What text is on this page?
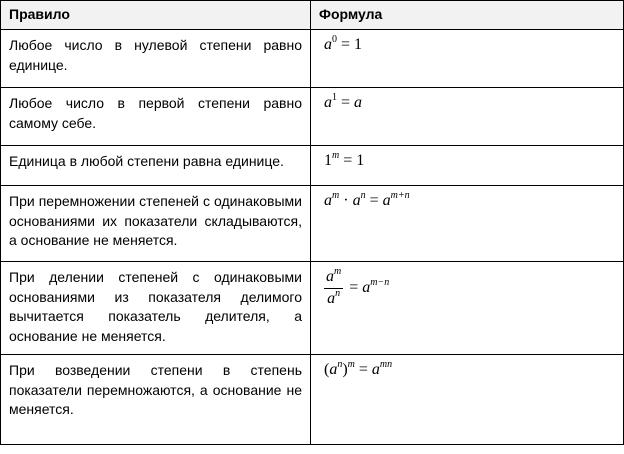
Правило	Формула

Любое число в нулевой степени равно единице.	$a^0 = 1$

Любое число в первой степени равно самому себе.	$a^1 = a$

Единица в любой степени равна единице.	$1^m = 1$

При перемножении степеней с одинаковыми основаниями их показатели складываются, а основание не меняется.	$a^m \cdot a^n = a^{m+n}$

При делении степеней с одинаковыми основаниями из показателя делимого вычитается показатель делителя, а основание не меняется.	$\frac{a^m}{a^n} = a^{m-n}$

При возведении степени в степень показатели перемножаются, а основание не меняется.	$(a^n)^m = a^{mn}$
